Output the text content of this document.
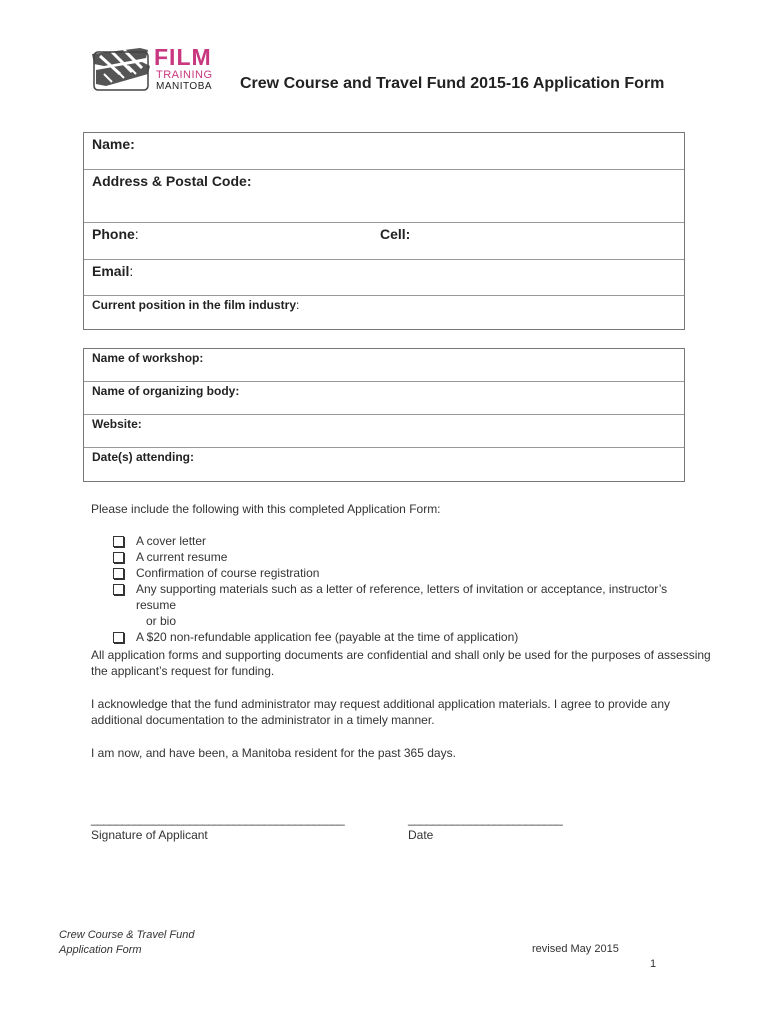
FILM
TRAINING
MANITOBA Crew Course and Travel Fund 2015-16 Application Form
Name:
Address & Postal Code:
Phone:	Cell:
Email:
Current position in the film industry:
Name of workshop:
Name of organizing body:
Website:
Date(s) attending:
Please include the following with this completed Application Form:
A cover letter
A current resume
Confirmation of course registration
Any supporting materials such as a letter of reference, letters of invitation or acceptance, instructor’s resume
or bio
A $20 non-refundable application fee (payable at the time of application)
All application forms and supporting documents are confidential and shall only be used for the purposes of assessing
the applicant’s request for funding.
I acknowledge that the fund administrator may request additional application materials. I agree to provide any
additional documentation to the administrator in a timely manner.
I am now, and have been, a Manitoba resident for the past 365 days.
_________________________________________
Signature of Applicant
_________________________
Date
Crew Course & Travel Fund
Application Form	revised May 2015
1
